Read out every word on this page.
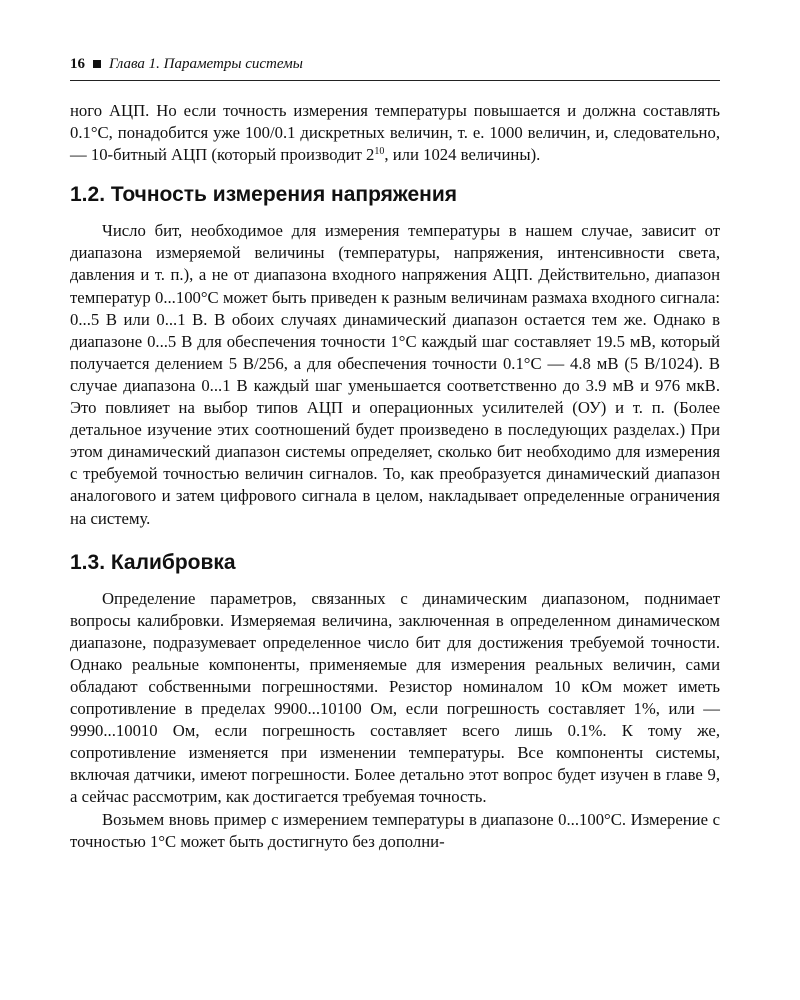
16 Глава 1. Параметры системы

ного АЦП. Но если точность измерения температуры повышается и должна составлять 0.1°C, понадобится уже 100/0.1 дискретных величин, т. е. 1000 величин, и, следовательно, — 10-битный АЦП (который производит $2^{10}$, или 1024 величины).

1.2. Точность измерения напряжения

Число бит, необходимое для измерения температуры в нашем случае, зависит от диапазона измеряемой величины (температуры, напряжения, интенсивности света, давления и т. п.), а не от диапазона входного напряжения АЦП. Действительно, диапазон температур 0...100°C может быть приведен к разным величинам размаха входного сигнала: 0...5 В или 0...1 В. В обоих случаях динамический диапазон остается тем же. Однако в диапазоне 0...5 В для обеспечения точности 1°C каждый шаг составляет 19.5 мВ, который получается делением 5 В/256, а для обеспечения точности 0.1°C — 4.8 мВ (5 В/1024). В случае диапазона 0...1 В каждый шаг уменьшается соответственно до 3.9 мВ и 976 мкВ. Это повлияет на выбор типов АЦП и операционных усилителей (ОУ) и т. п. (Более детальное изучение этих соотношений будет произведено в последующих разделах.) При этом динамический диапазон системы определяет, сколько бит необходимо для измерения с требуемой точностью величин сигналов. То, как преобразуется динамический диапазон аналогового и затем цифрового сигнала в целом, накладывает определенные ограничения на систему.

1.3. Калибровка

Определение параметров, связанных с динамическим диапазоном, поднимает вопросы калибровки. Измеряемая величина, заключенная в определенном динамическом диапазоне, подразумевает определенное число бит для достижения требуемой точности. Однако реальные компоненты, применяемые для измерения реальных величин, сами обладают собственными погрешностями. Резистор номиналом 10 кОм может иметь сопротивление в пределах 9900...10100 Ом, если погрешность составляет 1%, или — 9990...10010 Ом, если погрешность составляет всего лишь 0.1%. К тому же, сопротивление изменяется при изменении температуры. Все компоненты системы, включая датчики, имеют погрешности. Более детально этот вопрос будет изучен в главе 9, а сейчас рассмотрим, как достигается требуемая точность.

Возьмем вновь пример с измерением температуры в диапазоне 0...100°C. Измерение с точностью 1°C может быть достигнуто без дополни-
